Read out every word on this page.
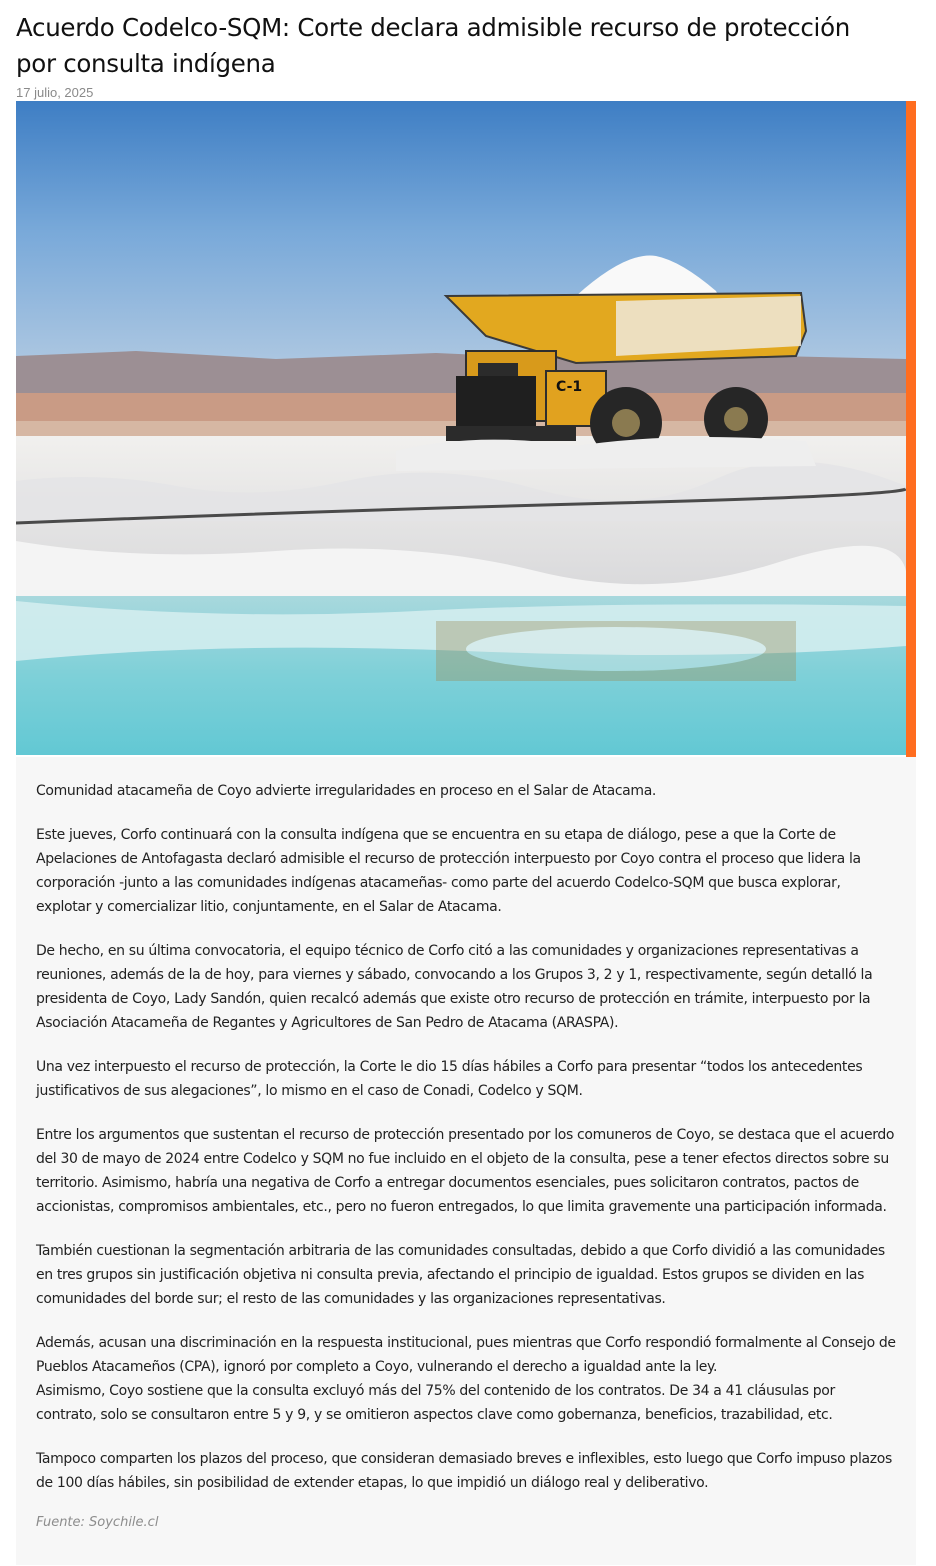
Acuerdo Codelco-SQM: Corte declara admisible recurso de protección por consulta indígena
17 julio, 2025
C-1

Comunidad atacameña de Coyo advierte irregularidades en proceso en el Salar de Atacama.

Este jueves, Corfo continuará con la consulta indígena que se encuentra en su etapa de diálogo, pese a que la Corte de Apelaciones de Antofagasta declaró admisible el recurso de protección interpuesto por Coyo contra el proceso que lidera la corporación -junto a las comunidades indígenas atacameñas- como parte del acuerdo Codelco-SQM que busca explorar, explotar y comercializar litio, conjuntamente, en el Salar de Atacama.

De hecho, en su última convocatoria, el equipo técnico de Corfo citó a las comunidades y organizaciones representativas a reuniones, además de la de hoy, para viernes y sábado, convocando a los Grupos 3, 2 y 1, respectivamente, según detalló la presidenta de Coyo, Lady Sandón, quien recalcó además que existe otro recurso de protección en trámite, interpuesto por la Asociación Atacameña de Regantes y Agricultores de San Pedro de Atacama (ARASPA).

Una vez interpuesto el recurso de protección, la Corte le dio 15 días hábiles a Corfo para presentar “todos los antecedentes justificativos de sus alegaciones”, lo mismo en el caso de Conadi, Codelco y SQM.

Entre los argumentos que sustentan el recurso de protección presentado por los comuneros de Coyo, se destaca que el acuerdo del 30 de mayo de 2024 entre Codelco y SQM no fue incluido en el objeto de la consulta, pese a tener efectos directos sobre su territorio. Asimismo, habría una negativa de Corfo a entregar documentos esenciales, pues solicitaron contratos, pactos de accionistas, compromisos ambientales, etc., pero no fueron entregados, lo que limita gravemente una participación informada.

También cuestionan la segmentación arbitraria de las comunidades consultadas, debido a que Corfo dividió a las comunidades en tres grupos sin justificación objetiva ni consulta previa, afectando el principio de igualdad. Estos grupos se dividen en las comunidades del borde sur; el resto de las comunidades y las organizaciones representativas.

Además, acusan una discriminación en la respuesta institucional, pues mientras que Corfo respondió formalmente al Consejo de Pueblos Atacameños (CPA), ignoró por completo a Coyo, vulnerando el derecho a igualdad ante la ley.
Asimismo, Coyo sostiene que la consulta excluyó más del 75% del contenido de los contratos. De 34 a 41 cláusulas por contrato, solo se consultaron entre 5 y 9, y se omitieron aspectos clave como gobernanza, beneficios, trazabilidad, etc.

Tampoco comparten los plazos del proceso, que consideran demasiado breves e inflexibles, esto luego que Corfo impuso plazos de 100 días hábiles, sin posibilidad de extender etapas, lo que impidió un diálogo real y deliberativo.

Fuente: Soychile.cl
